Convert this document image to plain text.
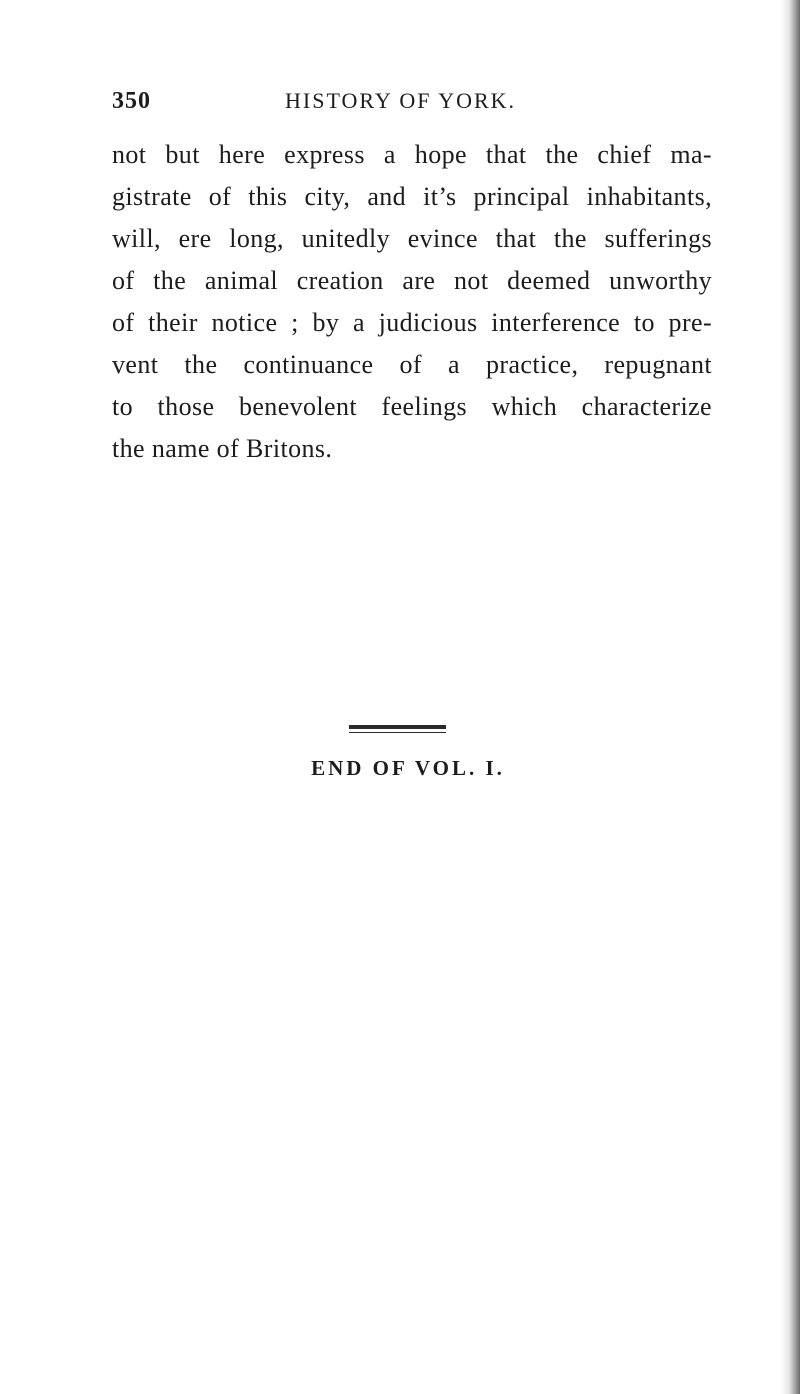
350	HISTORY OF YORK.
not but here express a hope that the chief ma-
gistrate of this city, and it’s principal inhabitants,
will, ere long, unitedly evince that the sufferings
of the animal creation are not deemed unworthy
of their notice ; by a judicious interference to pre-
vent the continuance of a practice, repugnant
to those benevolent feelings which characterize
the name of Britons.
END OF VOL. I.
